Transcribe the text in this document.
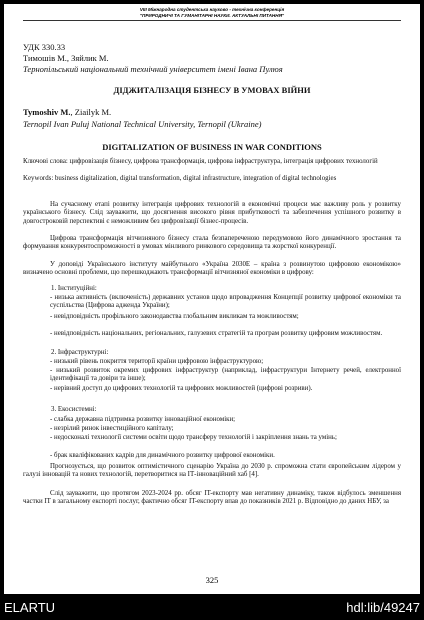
VIII Міжнародна студентська науково - технічна конференція
"ПРИРОДНИЧІ ТА ГУМАНІТАРНІ НАУКИ. АКТУАЛЬНІ ПИТАННЯ"
УДК 330.33
Тимошів М., Зяйлик М.
Тернопільський національний технічний університет імені Івана Пулюя
ДІДЖИТАЛІЗАЦІЯ БІЗНЕСУ В УМОВАХ ВІЙНИ
Tymoshiv M., Ziailyk M.
Ternopil Ivan Puluj National Technical University, Ternopil (Ukraine)
DIGITALIZATION OF BUSINESS IN WAR CONDITIONS
Ключові слова: цифровізація бізнесу, цифрова трансформація, цифрова інфраструктура, інтеграція цифрових технологій
Keywords: business digitalization, digital transformation, digital infrastructure, integration of digital technologies
На сучасному етапі розвитку інтеграція цифрових технологій в економічні процеси має важливу роль у розвитку українського бізнесу. Слід зауважити, що досягнення високого рівня прибутковості та забезпечення успішного розвитку в довгостроковій перспективі є неможливим без цифровізації бізнес-процесів.
Цифрова трансформація вітчизняного бізнесу стала безпапереченою передумовою його динамічного зростання та формування конкурентоспроможності в умовах мінливого ринкового середовища та жорсткої конкуренції.
У доповіді Українського інституту майбутнього «Україна 2030Е – країна з розвинутою цифровою економікою» визначено основні проблеми, що перешкоджають трансформації вітчизняної економіки в цифрову:
1. Інституційні:
- низька активність (включеність) державних установ щодо впровадження Концепції розвитку цифрової економіки та суспільства (Цифрова адженда України);
- невідповідність профільного законодавства глобальним викликам та можливостям;
- невідповідність національних, регіональних, галузевих стратегій та програм розвитку цифровим можливостям.
2. Інфраструктурні:
- низький рівень покриття території країни цифровою інфраструктурою;
- низький розвиток окремих цифрових інфраструктур (наприклад, інфраструктури Інтернету речей, електронної ідентифікації та довіри та інше);
- нерівний доступ до цифрових технологій та цифрових можливостей (цифрові розриви).
3. Екосистемні:
- слабка державна підтримка розвитку інноваційної економіки;
- незрілий ринок інвестиційного капіталу;
- недосконалі технології системи освіти щодо трансферу технологій і закріплення знань та умінь;
- брак кваліфікованих кадрів для динамічного розвитку цифрової економіки.
Прогнозується, що розвиток оптимістичного сценарію Україна до 2030 р. спроможна стати європейським лідером у галузі інновацій та нових технологій, перетворитися на ІТ-інноваційний хаб [4].
Слід зауважити, що протягом 2023-2024 рр. обсяг IT-експорту мав негативну динаміку, також відбулось зменшення частки IT в загальному експорті послуг, фактично обсяг IT-експорту впав до показників 2021 р. Відповідно до даних НБУ, за
325
ELARTU	hdl:lib/49247
